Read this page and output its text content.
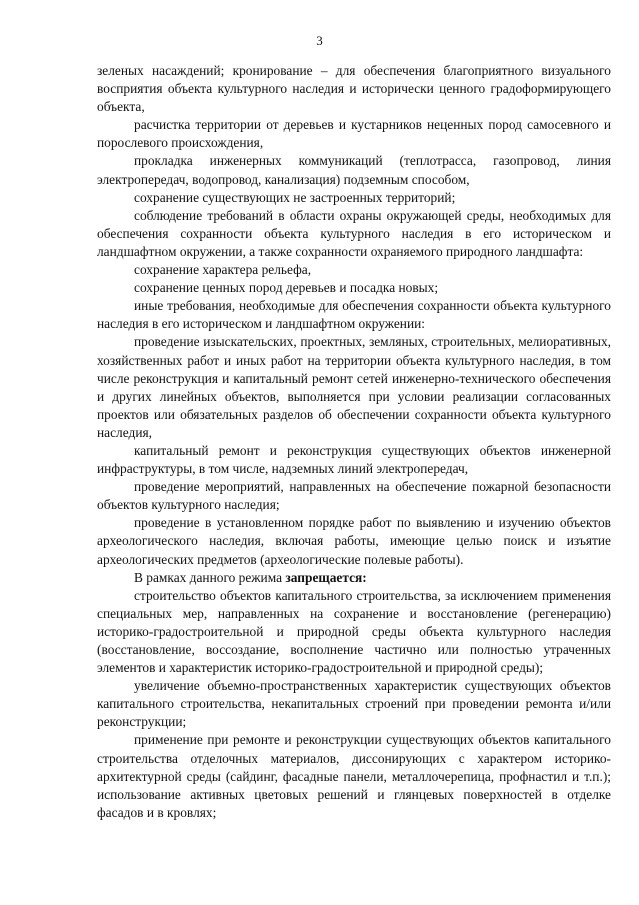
3

зеленых насаждений; кронирование – для обеспечения благоприятного визуального восприятия объекта культурного наследия и исторически ценного градоформирующего объекта,

расчистка территории от деревьев и кустарников неценных пород самосевного и порослевого происхождения,

прокладка инженерных коммуникаций (теплотрасса, газопровод, линия электропередач, водопровод, канализация) подземным способом,

сохранение существующих не застроенных территорий;

соблюдение требований в области охраны окружающей среды, необходимых для обеспечения сохранности объекта культурного наследия в его историческом и ландшафтном окружении, а также сохранности охраняемого природного ландшафта:

сохранение характера рельефа,

сохранение ценных пород деревьев и посадка новых;

иные требования, необходимые для обеспечения сохранности объекта культурного наследия в его историческом и ландшафтном окружении:

проведение изыскательских, проектных, земляных, строительных, мелиоративных, хозяйственных работ и иных работ на территории объекта культурного наследия, в том числе реконструкция и капитальный ремонт сетей инженерно-технического обеспечения и других линейных объектов, выполняется при условии реализации согласованных проектов или обязательных разделов об обеспечении сохранности объекта культурного наследия,

капитальный ремонт и реконструкция существующих объектов инженерной инфраструктуры, в том числе, надземных линий электропередач,

проведение мероприятий, направленных на обеспечение пожарной безопасности объектов культурного наследия;

проведение в установленном порядке работ по выявлению и изучению объектов археологического наследия, включая работы, имеющие целью поиск и изъятие археологических предметов (археологические полевые работы).

В рамках данного режима запрещается:

строительство объектов капитального строительства, за исключением применения специальных мер, направленных на сохранение и восстановление (регенерацию) историко-градостроительной и природной среды объекта культурного наследия (восстановление, воссоздание, восполнение частично или полностью утраченных элементов и характеристик историко-градостроительной и природной среды);

увеличение объемно-пространственных характеристик существующих объектов капитального строительства, некапитальных строений при проведении ремонта и/или реконструкции;

применение при ремонте и реконструкции существующих объектов капитального строительства отделочных материалов, диссонирующих с характером историко-архитектурной среды (сайдинг, фасадные панели, металлочерепица, профнастил и т.п.); использование активных цветовых решений и глянцевых поверхностей в отделке фасадов и в кровлях;
